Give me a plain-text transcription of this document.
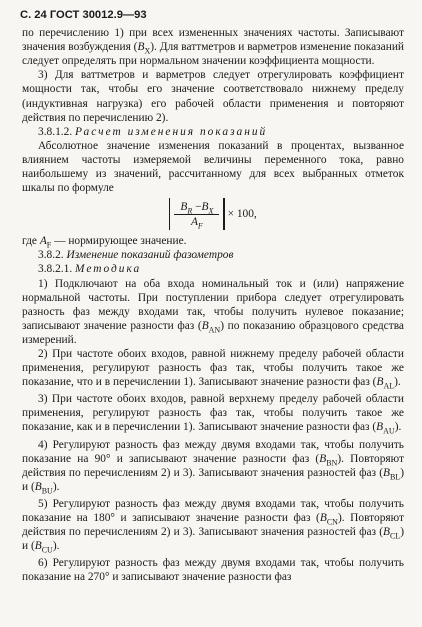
С. 24 ГОСТ 30012.9—93

по перечислению 1) при всех измененных значениях частоты. Записывают значения возбуждения $(B_X)$. Для ваттметров и варметров изменение показаний следует определять при нормальном значении коэффициента мощности.

3) Для ваттметров и варметров следует отрегулировать коэффициент мощности так, чтобы его значение соответствовало нижнему пределу (индуктивная нагрузка) его рабочей области применения и повторяют действия по перечислению 2).

3.8.1.2. Расчет изменения показаний

Абсолютное значение изменения показаний в процентах, вызванное влиянием частоты измеряемой величины переменного тока, равно наибольшему из значений, рассчитанному для всех выбранных отметок шкалы по формуле

$\frac{B_R -B_X}{A_F} \times 100$,

где $A_F$ — нормирующее значение.

3.8.2. Изменение показаний фазометров

3.8.2.1. Методика

1) Подключают на оба входа номинальный ток и (или) напряжение нормальной частоты. При поступлении прибора следует отрегулировать разность фаз между входами так, чтобы получить нулевое показание; записывают значение разности фаз $(B_{AN})$ по показанию образцового средства измерений.

2) При частоте обоих входов, равной нижнему пределу рабочей области применения, регулируют разность фаз так, чтобы получить такое же показание, что и в перечислении 1). Записывают значение разности фаз $(B_{AL})$.

3) При частоте обоих входов, равной верхнему пределу рабочей области применения, регулируют разность фаз так, чтобы получить такое же показание, как и в перечислении 1). Записывают значение разности фаз $(B_{AU})$.

4) Регулируют разность фаз между двумя входами так, чтобы получить показание на 90° и записывают значение разности фаз $(B_{BN})$. Повторяют действия по перечислениям 2) и 3). Записывают значения разностей фаз $(B_{BL})$ и $(B_{BU})$.

5) Регулируют разность фаз между двумя входами так, чтобы получить показание на 180° и записывают значение разности фаз $(B_{CN})$. Повторяют действия по перечислениям 2) и 3). Записывают значения разностей фаз $(B_{CL})$ и $(B_{CU})$.

6) Регулируют разность фаз между двумя входами так, чтобы получить показание на 270° и записывают значение разности фаз
